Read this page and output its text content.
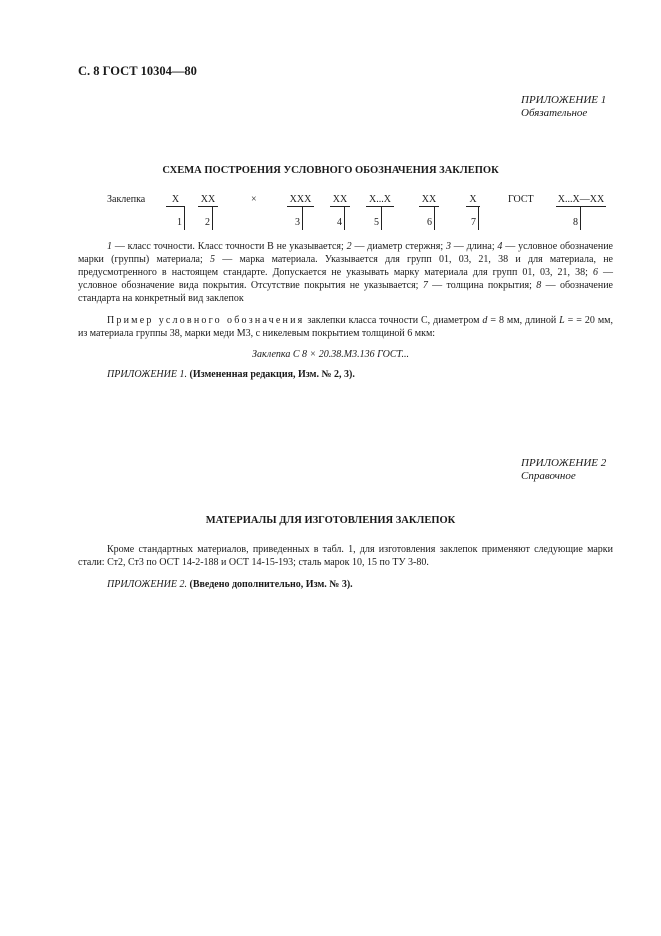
С. 8 ГОСТ 10304—80
ПРИЛОЖЕНИЕ 1
Обязательное
СХЕМА ПОСТРОЕНИЯ УСЛОВНОГО ОБОЗНАЧЕНИЯ ЗАКЛЕПОК
Заклепка	×	ГОСТ
Х
1
ХХ
2
ХХХ
3
ХХ
4
Х...Х
5
ХХ
6
Х
7
Х...Х—ХХ
8
1 — класс точности. Класс точности В не указывается; 2 — диаметр стержня; 3 — длина; 4 — условное обозначение марки (группы) материала; 5 — марка материала. Указывается для групп 01, 03, 21, 38 и для материала, не предусмотренного в настоящем стандарте. Допускается не указывать марку материала для групп 01, 03, 21, 38; 6 — условное обозначение вида покрытия. Отсутствие покрытия не указывается; 7 — толщина покрытия; 8 — обозначение стандарта на конкретный вид заклепок
Пример условного обозначения заклепки класса точности С, диаметром d = 8 мм, длиной L = = 20 мм, из материала группы 38, марки меди М3, с никелевым покрытием толщиной 6 мкм:
Заклепка С 8 × 20.38.М3.136 ГОСТ...
ПРИЛОЖЕНИЕ 1. (Измененная редакция, Изм. № 2, 3).
ПРИЛОЖЕНИЕ 2
Справочное
МАТЕРИАЛЫ ДЛЯ ИЗГОТОВЛЕНИЯ ЗАКЛЕПОК
Кроме стандартных материалов, приведенных в табл. 1, для изготовления заклепок применяют следующие марки стали: Ст2, Ст3 по ОСТ 14-2-188 и ОСТ 14-15-193; сталь марок 10, 15 по ТУ 3-80.
ПРИЛОЖЕНИЕ 2. (Введено дополнительно, Изм. № 3).
